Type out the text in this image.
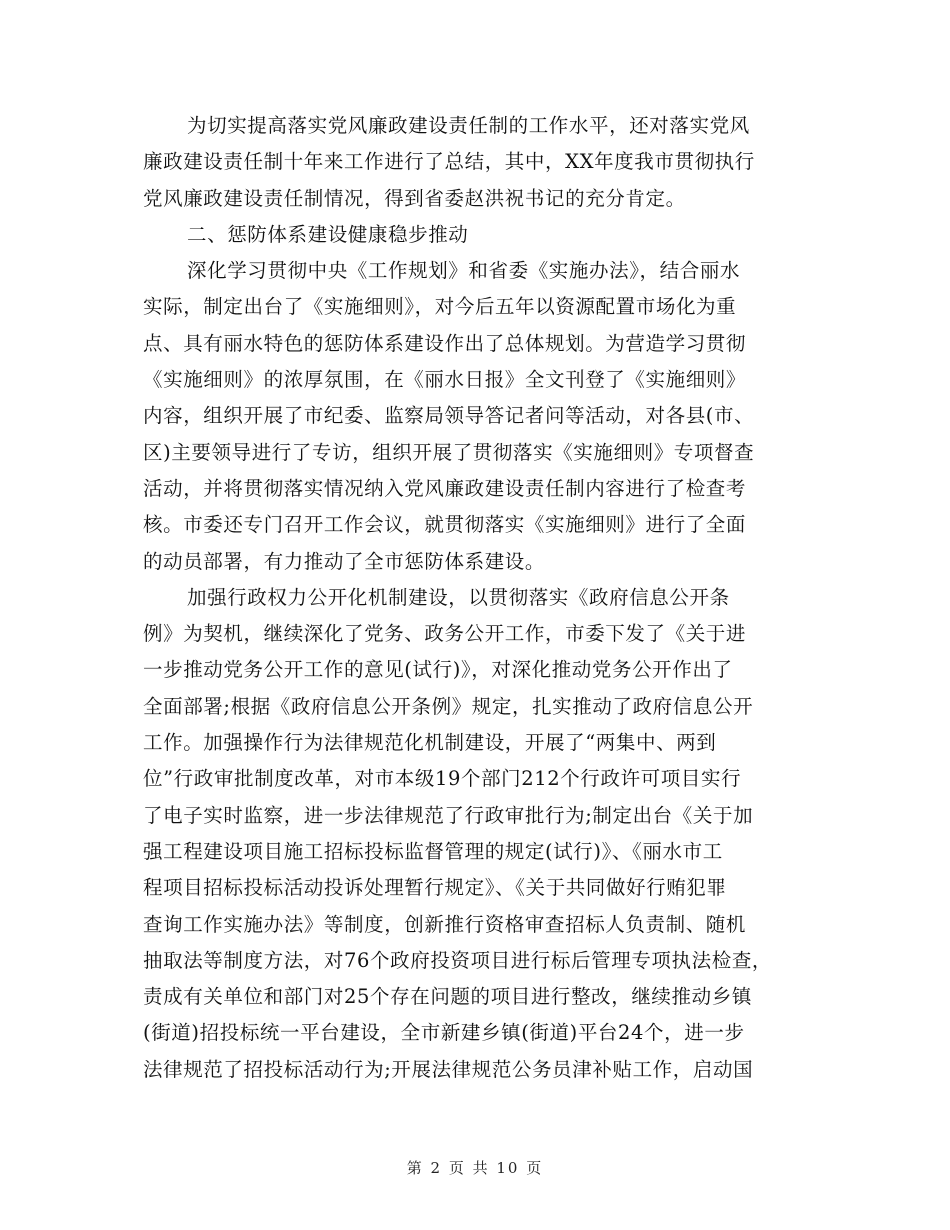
为切实提高落实党风廉政建设责任制的工作水平，还对落实党风
廉政建设责任制十年来工作进行了总结，其中，XX年度我市贯彻执行
党风廉政建设责任制情况，得到省委赵洪祝书记的充分肯定。
二、惩防体系建设健康稳步推动
深化学习贯彻中央《工作规划》和省委《实施办法》，结合丽水
实际，制定出台了《实施细则》，对今后五年以资源配置市场化为重
点、具有丽水特色的惩防体系建设作出了总体规划。为营造学习贯彻
《实施细则》的浓厚氛围，在《丽水日报》全文刊登了《实施细则》
内容，组织开展了市纪委、监察局领导答记者问等活动，对各县(市、
区)主要领导进行了专访，组织开展了贯彻落实《实施细则》专项督查
活动，并将贯彻落实情况纳入党风廉政建设责任制内容进行了检查考
核。市委还专门召开工作会议，就贯彻落实《实施细则》进行了全面
的动员部署，有力推动了全市惩防体系建设。
加强行政权力公开化机制建设，以贯彻落实《政府信息公开条
例》为契机，继续深化了党务、政务公开工作，市委下发了《关于进
一步推动党务公开工作的意见(试行)》，对深化推动党务公开作出了
全面部署;根据《政府信息公开条例》规定，扎实推动了政府信息公开
工作。加强操作行为法律规范化机制建设，开展了“两集中、两到
位”行政审批制度改革，对市本级19个部门212个行政许可项目实行
了电子实时监察，进一步法律规范了行政审批行为;制定出台《关于加
强工程建设项目施工招标投标监督管理的规定(试行)》、《丽水市工
程项目招标投标活动投诉处理暂行规定》、《关于共同做好行贿犯罪
查询工作实施办法》等制度，创新推行资格审查招标人负责制、随机
抽取法等制度方法，对76个政府投资项目进行标后管理专项执法检查，
责成有关单位和部门对25个存在问题的项目进行整改，继续推动乡镇
(街道)招投标统一平台建设，全市新建乡镇(街道)平台24个，进一步
法律规范了招投标活动行为;开展法律规范公务员津补贴工作，启动国
第 2 页 共 10 页
